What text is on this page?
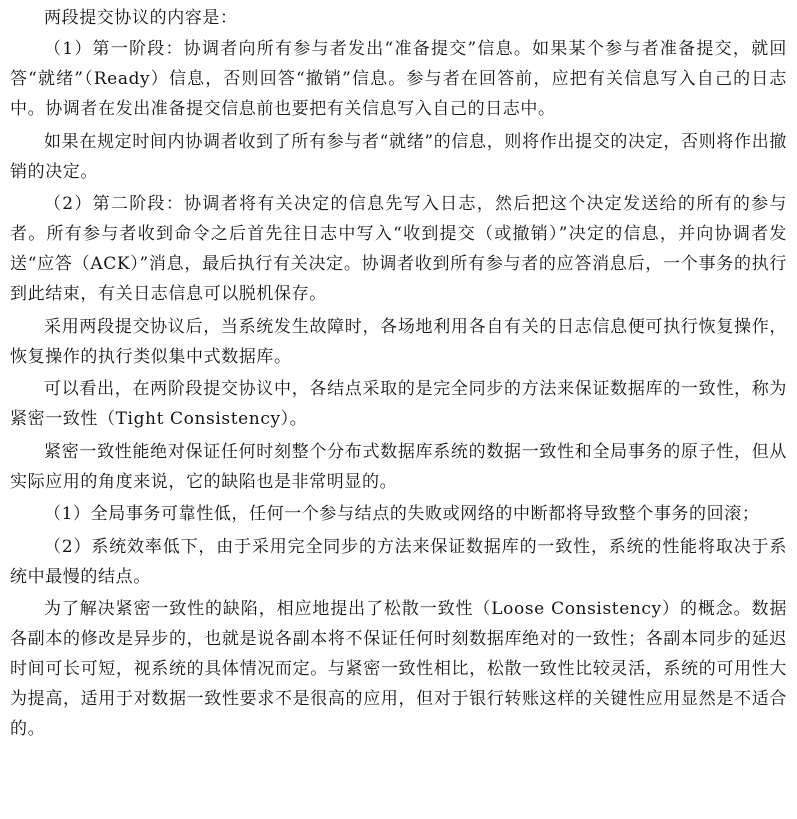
两段提交协议的内容是：

（1）第一阶段：协调者向所有参与者发出“准备提交”信息。如果某个参与者准备提交，就回答“就绪”（Ready）信息，否则回答“撤销”信息。参与者在回答前，应把有关信息写入自己的日志中。协调者在发出准备提交信息前也要把有关信息写入自己的日志中。

如果在规定时间内协调者收到了所有参与者“就绪”的信息，则将作出提交的决定，否则将作出撤销的决定。

（2）第二阶段：协调者将有关决定的信息先写入日志，然后把这个决定发送给的所有的参与者。所有参与者收到命令之后首先往日志中写入“收到提交（或撤销）”决定的信息，并向协调者发送“应答（ACK）”消息，最后执行有关决定。协调者收到所有参与者的应答消息后，一个事务的执行到此结束，有关日志信息可以脱机保存。

采用两段提交协议后，当系统发生故障时，各场地利用各自有关的日志信息便可执行恢复操作，恢复操作的执行类似集中式数据库。

可以看出，在两阶段提交协议中，各结点采取的是完全同步的方法来保证数据库的一致性，称为紧密一致性（Tight Consistency）。

紧密一致性能绝对保证任何时刻整个分布式数据库系统的数据一致性和全局事务的原子性，但从实际应用的角度来说，它的缺陷也是非常明显的。

（1）全局事务可靠性低，任何一个参与结点的失败或网络的中断都将导致整个事务的回滚；

（2）系统效率低下，由于采用完全同步的方法来保证数据库的一致性，系统的性能将取决于系统中最慢的结点。

为了解决紧密一致性的缺陷，相应地提出了松散一致性（Loose Consistency）的概念。数据各副本的修改是异步的，也就是说各副本将不保证任何时刻数据库绝对的一致性；各副本同步的延迟时间可长可短，视系统的具体情况而定。与紧密一致性相比，松散一致性比较灵活，系统的可用性大为提高，适用于对数据一致性要求不是很高的应用，但对于银行转账这样的关键性应用显然是不适合的。
